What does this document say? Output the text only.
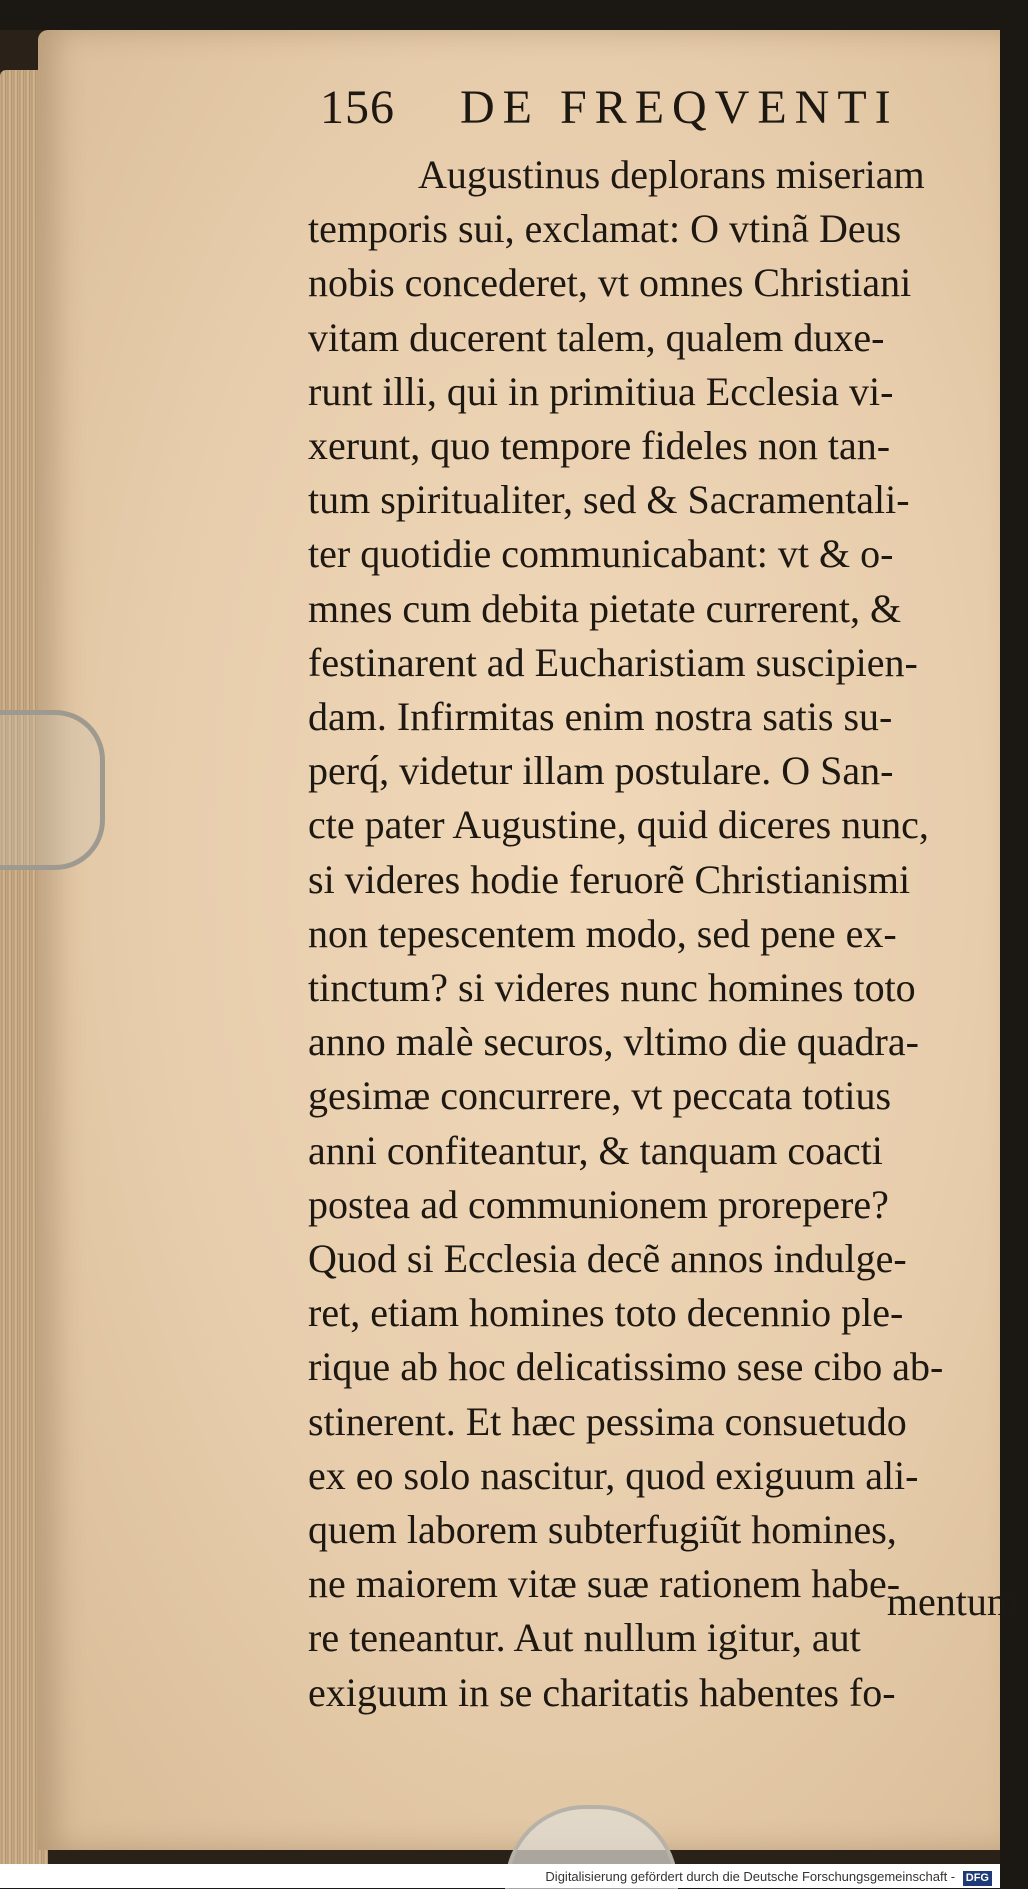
156 DE FREQVENTI
Augustinus deplorans miseriam
temporis sui, exclamat: O vtinã Deus
nobis concederet, vt omnes Christiani
vitam ducerent talem, qualem duxe-
runt illi, qui in primitiua Ecclesia vi-
xerunt, quo tempore fideles non tan-
tum spiritualiter, sed & Sacramentali-
ter quotidie communicabant: vt & o-
mnes cum debita pietate currerent, &
festinarent ad Eucharistiam suscipien-
dam. Infirmitas enim nostra satis su-
perq́, videtur illam postulare. O San-
cte pater Augustine, quid diceres nunc,
si videres hodie feruorẽ Christianismi
non tepescentem modo, sed pene ex-
tinctum? si videres nunc homines toto
anno malè securos, vltimo die quadra-
gesimæ concurrere, vt peccata totius
anni confiteantur, & tanquam coacti
postea ad communionem prorepere?
Quod si Ecclesia decẽ annos indulge-
ret, etiam homines toto decennio ple-
rique ab hoc delicatissimo sese cibo ab-
stinerent. Et hæc pessima consuetudo
ex eo solo nascitur, quod exiguum ali-
quem laborem subterfugiũt homines,
ne maiorem vitæ suæ rationem habe-
re teneantur. Aut nullum igitur, aut
exiguum in se charitatis habentes fo-
mentum
Digitalisierung gefördert durch die Deutsche Forschungsgemeinschaft - DFG
